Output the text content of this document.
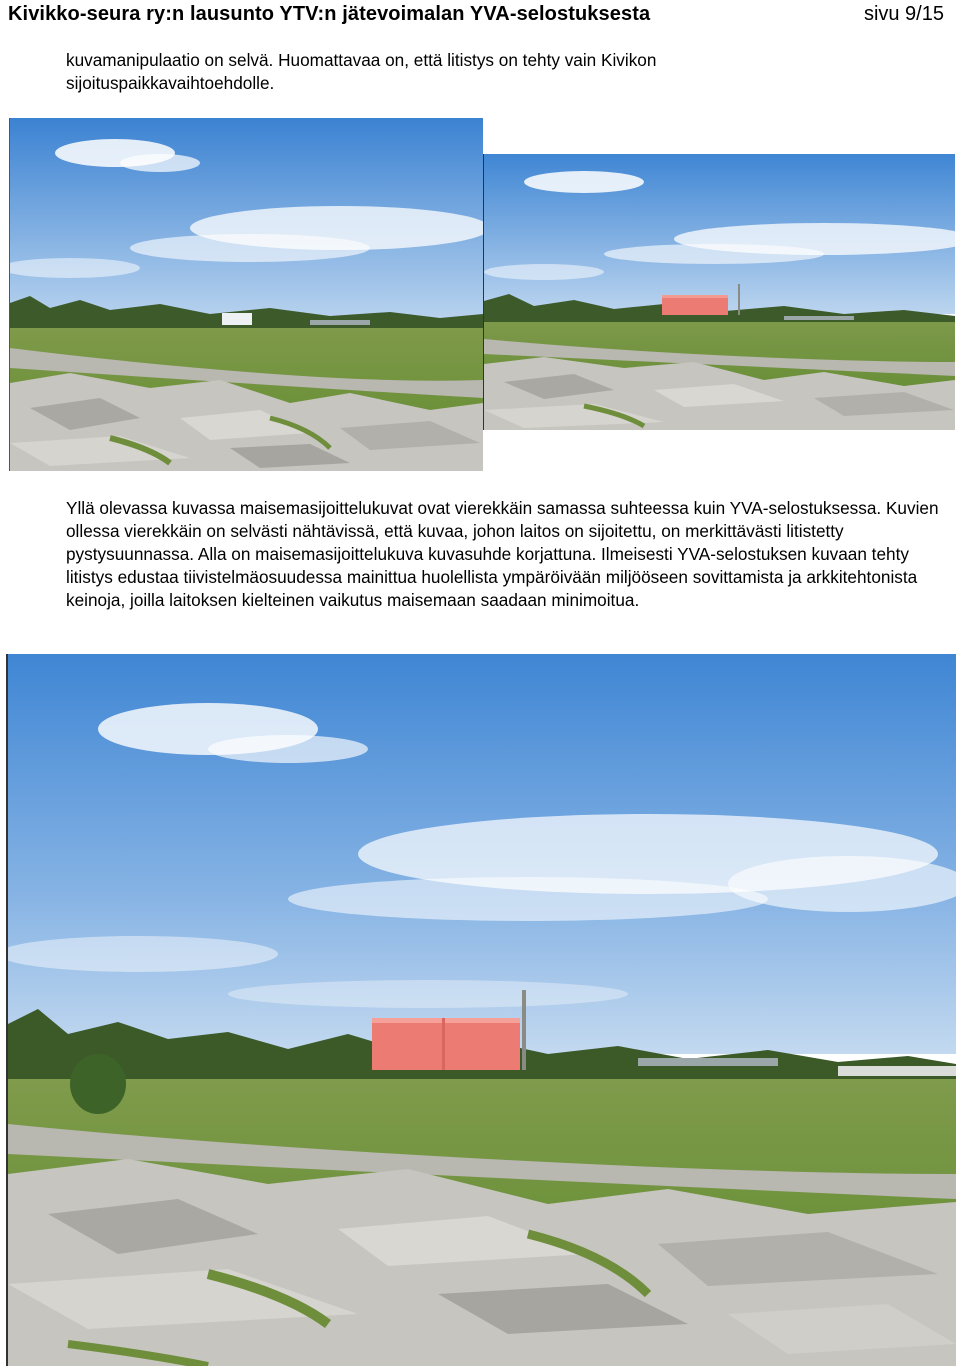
Kivikko-seura ry:n lausunto YTV:n jätevoimalan YVA-selostuksesta	sivu 9/15

kuvamanipulaatio on selvä. Huomattavaa on, että litistys on tehty vain Kivikon sijoituspaikkavaihtoehdolle.

Yllä olevassa kuvassa maisemasijoittelukuvat ovat vierekkäin samassa suhteessa kuin YVA-selostuksessa. Kuvien ollessa vierekkäin on selvästi nähtävissä, että kuvaa, johon laitos on sijoitettu, on merkittävästi litistetty pystysuunnassa. Alla on maisemasijoittelukuva kuvasuhde korjattuna. Ilmeisesti YVA-selostuksen kuvaan tehty litistys edustaa tiivistelmäosuudessa mainittua huolellista ympäröivään miljööseen sovittamista ja arkkitehtonista keinoja, joilla laitoksen kielteinen vaikutus maisemaan saadaan minimoitua.
